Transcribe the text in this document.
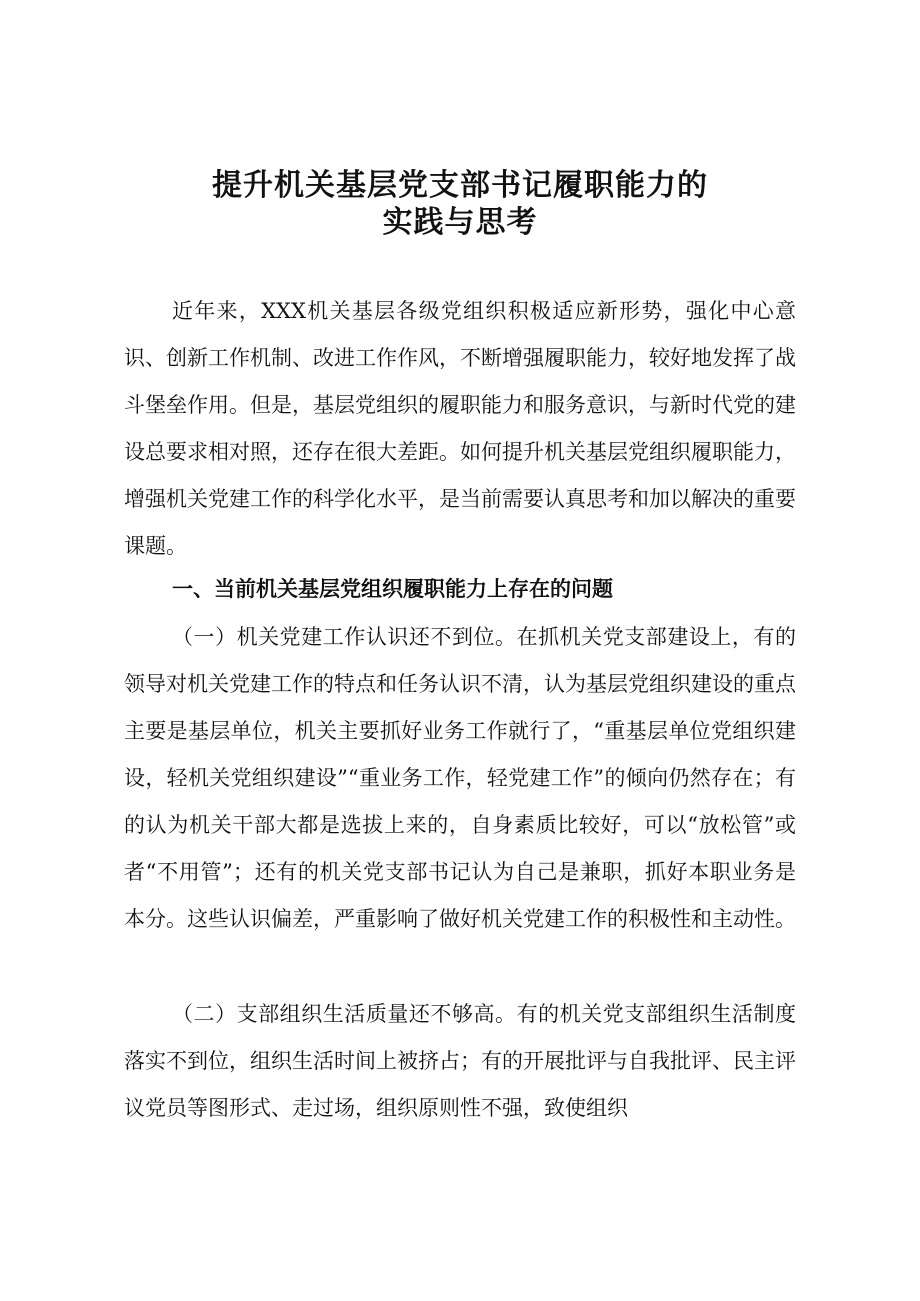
提升机关基层党支部书记履职能力的
实践与思考

近年来，XXX机关基层各级党组织积极适应新形势，强化中心意识、创新工作机制、改进工作作风，不断增强履职能力，较好地发挥了战斗堡垒作用。但是，基层党组织的履职能力和服务意识，与新时代党的建设总要求相对照，还存在很大差距。如何提升机关基层党组织履职能力，增强机关党建工作的科学化水平，是当前需要认真思考和加以解决的重要课题。

一、当前机关基层党组织履职能力上存在的问题

（一）机关党建工作认识还不到位。在抓机关党支部建设上，有的领导对机关党建工作的特点和任务认识不清，认为基层党组织建设的重点主要是基层单位，机关主要抓好业务工作就行了，“重基层单位党组织建设，轻机关党组织建设”“重业务工作，轻党建工作”的倾向仍然存在；有的认为机关干部大都是选拔上来的，自身素质比较好，可以“放松管”或者“不用管”；还有的机关党支部书记认为自己是兼职，抓好本职业务是本分。这些认识偏差，严重影响了做好机关党建工作的积极性和主动性。

（二）支部组织生活质量还不够高。有的机关党支部组织生活制度落实不到位，组织生活时间上被挤占；有的开展批评与自我批评、民主评议党员等图形式、走过场，组织原则性不强，致使组织
